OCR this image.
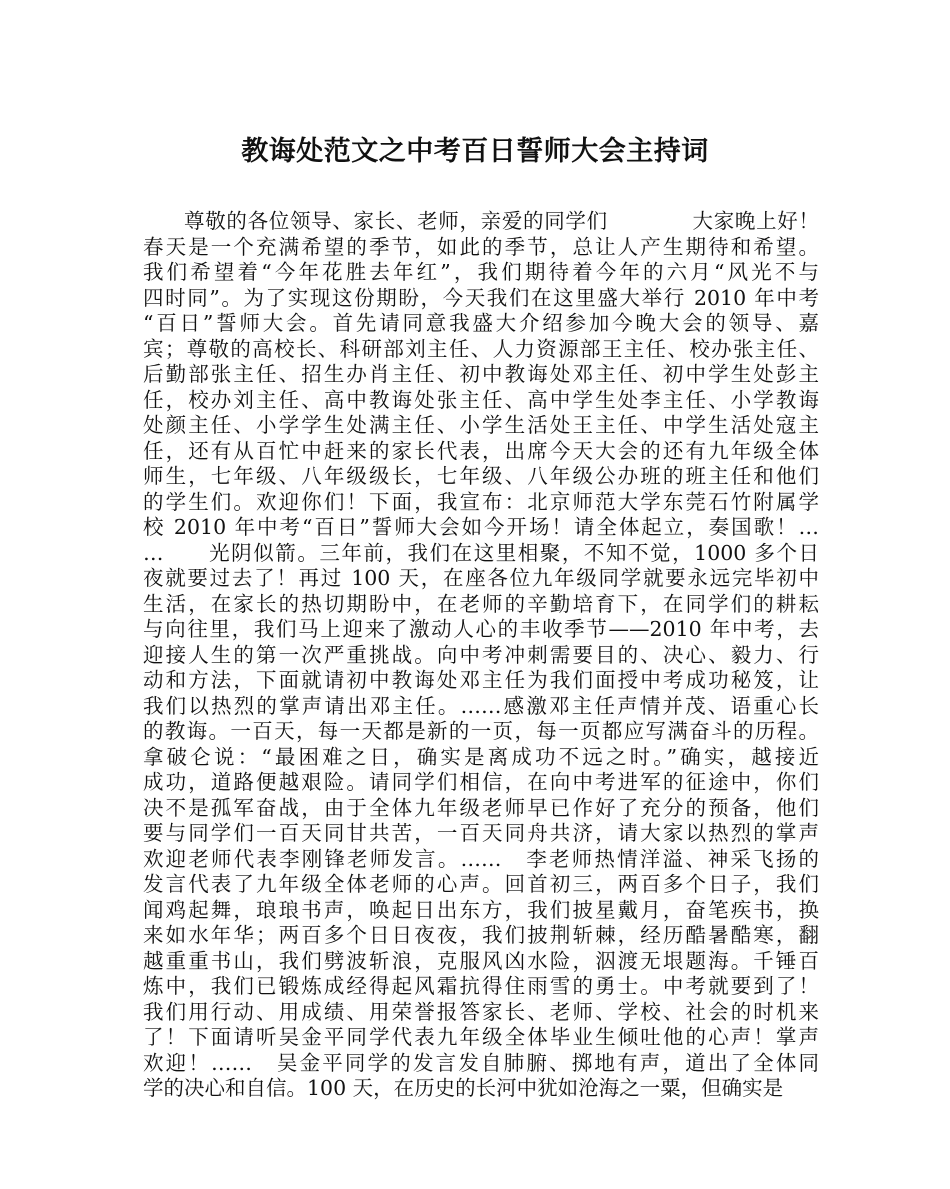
教诲处范文之中考百日誓师大会主持词
尊敬的各位领导、家长、老师，亲爱的同学们　　　　大家晚上好！
春天是一个充满希望的季节，如此的季节，总让人产生期待和希望。
我们希望着“今年花胜去年红”，我们期待着今年的六月“风光不与
四时同”。为了实现这份期盼，今天我们在这里盛大举行 2010 年中考
“百日”誓师大会。首先请同意我盛大介绍参加今晚大会的领导、嘉
宾；尊敬的高校长、科研部刘主任、人力资源部王主任、校办张主任、
后勤部张主任、招生办肖主任、初中教诲处邓主任、初中学生处彭主
任，校办刘主任、高中教诲处张主任、高中学生处李主任、小学教诲
处颜主任、小学学生处满主任、小学生活处王主任、中学生活处寇主
任，还有从百忙中赶来的家长代表，出席今天大会的还有九年级全体
师生，七年级、八年级级长，七年级、八年级公办班的班主任和他们
的学生们。欢迎你们！下面，我宣布：北京师范大学东莞石竹附属学
校 2010 年中考“百日”誓师大会如今开场！请全体起立，奏国歌！…
…　　光阴似箭。三年前，我们在这里相聚，不知不觉，1000 多个日
夜就要过去了！再过 100 天，在座各位九年级同学就要永远完毕初中
生活，在家长的热切期盼中，在老师的辛勤培育下，在同学们的耕耘
与向往里，我们马上迎来了激动人心的丰收季节——2010 年中考，去
迎接人生的第一次严重挑战。向中考冲刺需要目的、决心、毅力、行
动和方法，下面就请初中教诲处邓主任为我们面授中考成功秘笈，让
我们以热烈的掌声请出邓主任。……感激邓主任声情并茂、语重心长
的教诲。一百天，每一天都是新的一页，每一页都应写满奋斗的历程。
拿破仑说：“最困难之日，确实是离成功不远之时。”确实，越接近
成功，道路便越艰险。请同学们相信，在向中考进军的征途中，你们
决不是孤军奋战，由于全体九年级老师早已作好了充分的预备，他们
要与同学们一百天同甘共苦，一百天同舟共济，请大家以热烈的掌声
欢迎老师代表李刚锋老师发言。……　李老师热情洋溢、神采飞扬的
发言代表了九年级全体老师的心声。回首初三，两百多个日子，我们
闻鸡起舞，琅琅书声，唤起日出东方，我们披星戴月，奋笔疾书，换
来如水年华；两百多个日日夜夜，我们披荆斩棘，经历酷暑酷寒，翻
越重重书山，我们劈波斩浪，克服风凶水险，泅渡无垠题海。千锤百
炼中，我们已锻炼成经得起风霜抗得住雨雪的勇士。中考就要到了！
我们用行动、用成绩、用荣誉报答家长、老师、学校、社会的时机来
了！下面请听吴金平同学代表九年级全体毕业生倾吐他的心声！掌声
欢迎！……　吴金平同学的发言发自肺腑、掷地有声，道出了全体同
学的决心和自信。100 天，在历史的长河中犹如沧海之一粟，但确实是
